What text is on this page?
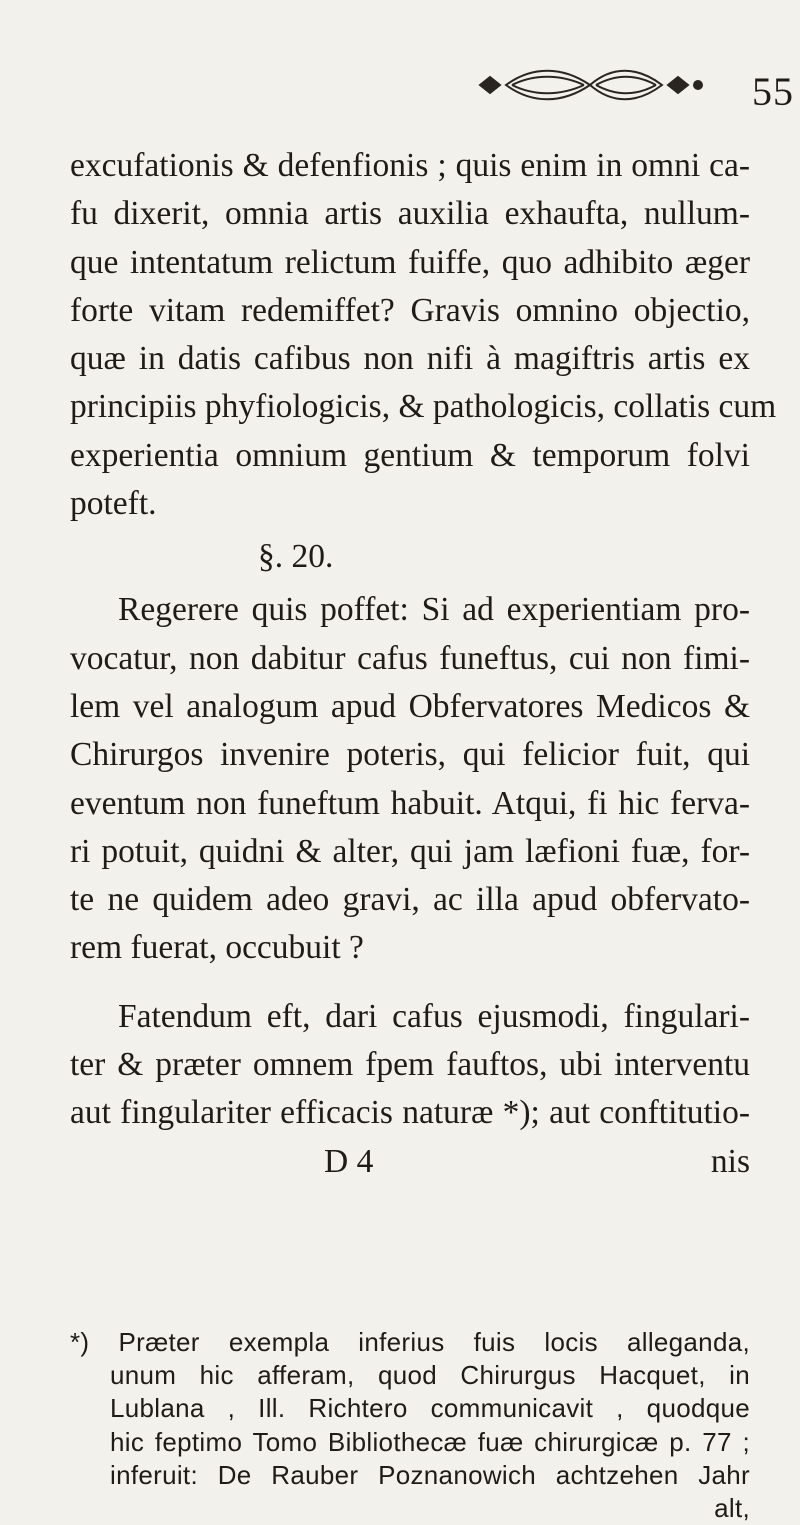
55
excufationis & defenfionis ; quis enim in omni ca-
fu dixerit, omnia artis auxilia exhaufta, nullum-
que intentatum relictum fuiffe, quo adhibito æger
forte vitam redemiffet? Gravis omnino objectio,
quæ in datis cafibus non nifi à magiftris artis ex
principiis phyfiologicis, & pathologicis, collatis cum
experientia omnium gentium & temporum folvi
poteft.
§. 20.
Regerere quis poffet: Si ad experientiam pro-
vocatur, non dabitur cafus funeftus, cui non fimi-
lem vel analogum apud Obfervatores Medicos &
Chirurgos invenire poteris, qui felicior fuit, qui
eventum non funeftum habuit. Atqui, fi hic ferva-
ri potuit, quidni & alter, qui jam læfioni fuæ, for-
te ne quidem adeo gravi, ac illa apud obfervato-
rem fuerat, occubuit ?
Fatendum eft, dari cafus ejusmodi, fingulari-
ter & præter omnem fpem fauftos, ubi interventu
aut fingulariter efficacis naturæ *); aut conftitutio-
D 4	nis
*) Præter exempla inferius fuis locis alleganda,
unum hic afferam, quod Chirurgus Hacquet, in
Lublana , Ill. Richtero communicavit , quodque
hic feptimo Tomo Bibliothecæ fuæ chirurgicæ p. 77 ;
inferuit: De Rauber Poznanowich achtzehen Jahr
alt,
